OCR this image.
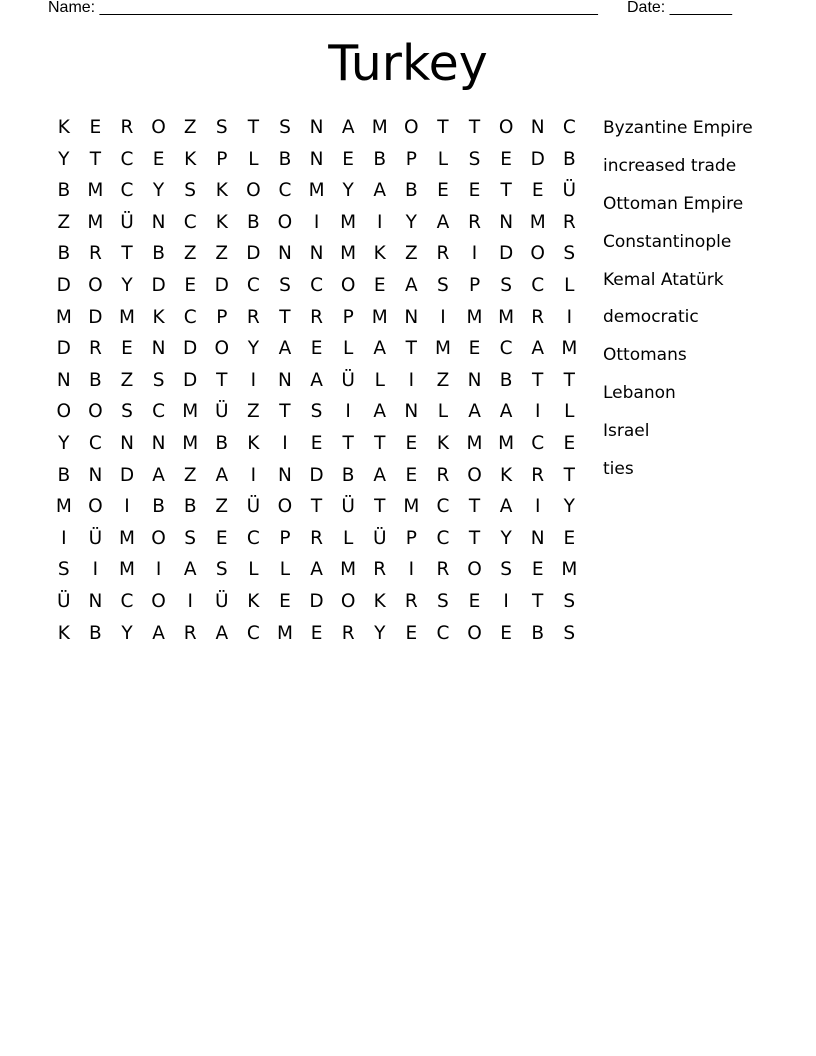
Name: ________________________________________________________ Date: _______
Turkey
K	E	R O Z	S	T	S	N A M O	T	T	O N C
Y	T	C	E	K	P	L	B N	E	B	P	L	S	E	D B
B M C	Y	S	K O C M Y	A	B	E	E	T	E	Ü
Z M Ü N C	K	B O	I	M	I	Y	A	R N M R
B	R	T	B	Z	Z D N N M K	Z	R	I	D O S
D O	Y	D	E	D C	S	C O E	A	S	P	S	C	L
M D M K	C	P	R	T	R	P M N	I	M M R	I
D R	E	N D O	Y	A	E	L	A	T M E	C	A M
N B	Z	S	D	T	I	N A Ü	L	I	Z N B	T	T
O O S	C M Ü Z	T	S	I	A N	L	A	A	I	L
Y	C N N M B	K	I	E	T	T	E	K M M C	E
B N D A	Z	A	I	N D B	A	E	R O K	R	T
M O	I	B	B	Z Ü O	T	Ü	T M C	T	A	I	Y
I	Ü M O S	E	C	P	R	L	Ü	P	C	T	Y	N	E
S	I	M	I	A	S	L	L	A M R	I	R O S	E M
Ü N C O	I	Ü	K	E	D O K	R	S	E	I	T	S
K	B	Y	A	R	A	C M E	R	Y	E	C O E	B	S
Byzantine Empire
increased trade
Ottoman Empire
Constantinople
Kemal Atatürk
democratic
Ottomans
Lebanon
Israel
ties
